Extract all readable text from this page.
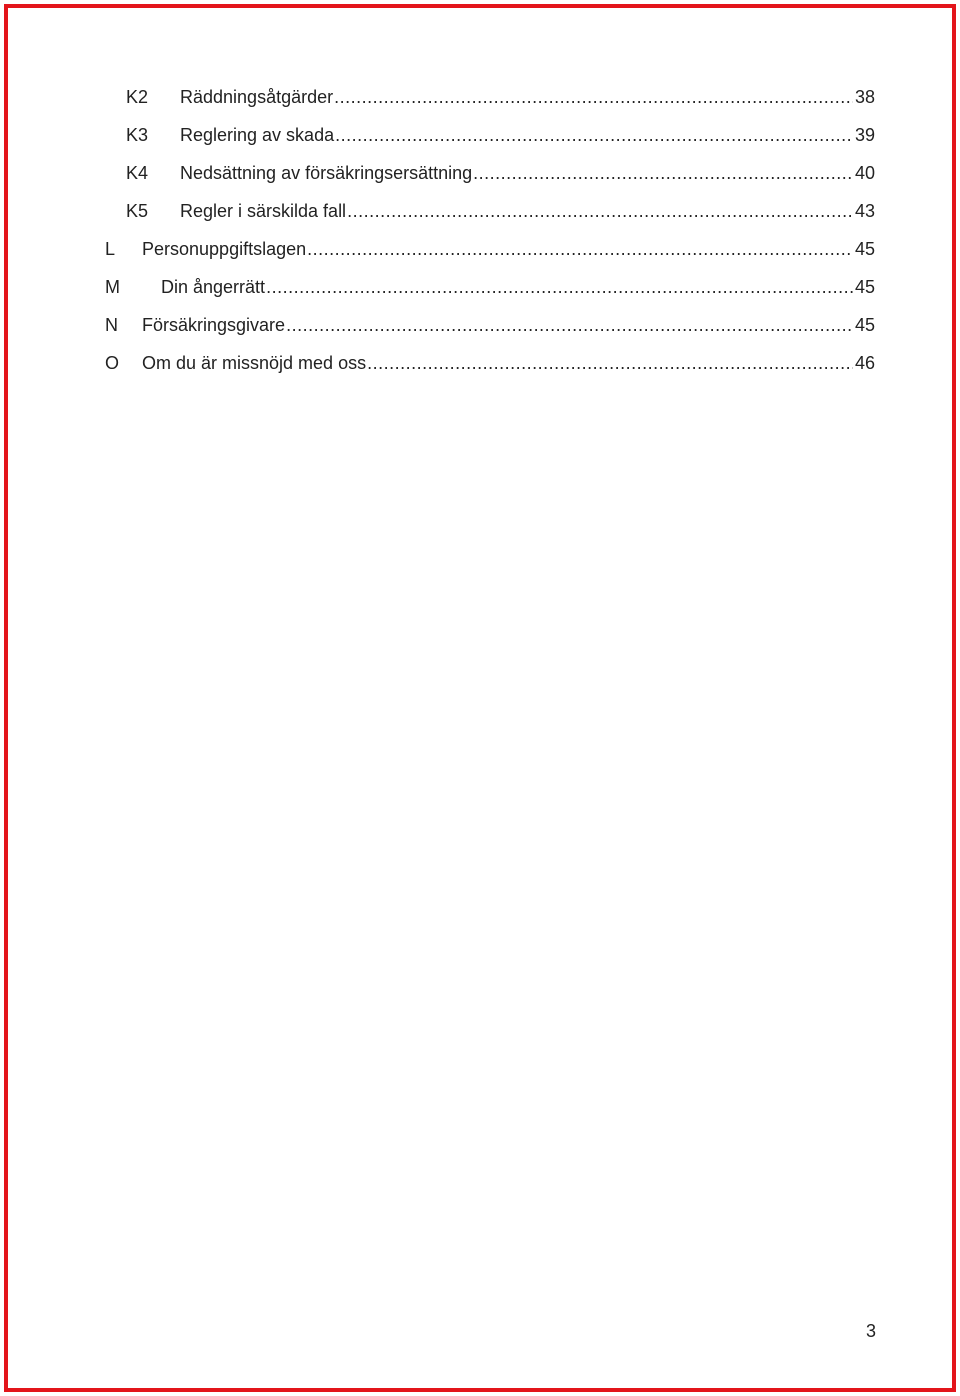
K2 Räddningsåtgärder .....	38
K3 Reglering av skada .....	39
K4 Nedsättning av försäkringsersättning .....	40
K5 Regler i särskilda fall .....	43
L Personuppgiftslagen .....	45
M Din ångerrätt .....	45
N Försäkringsgivare .....	45
O Om du är missnöjd med oss .....	46
3
